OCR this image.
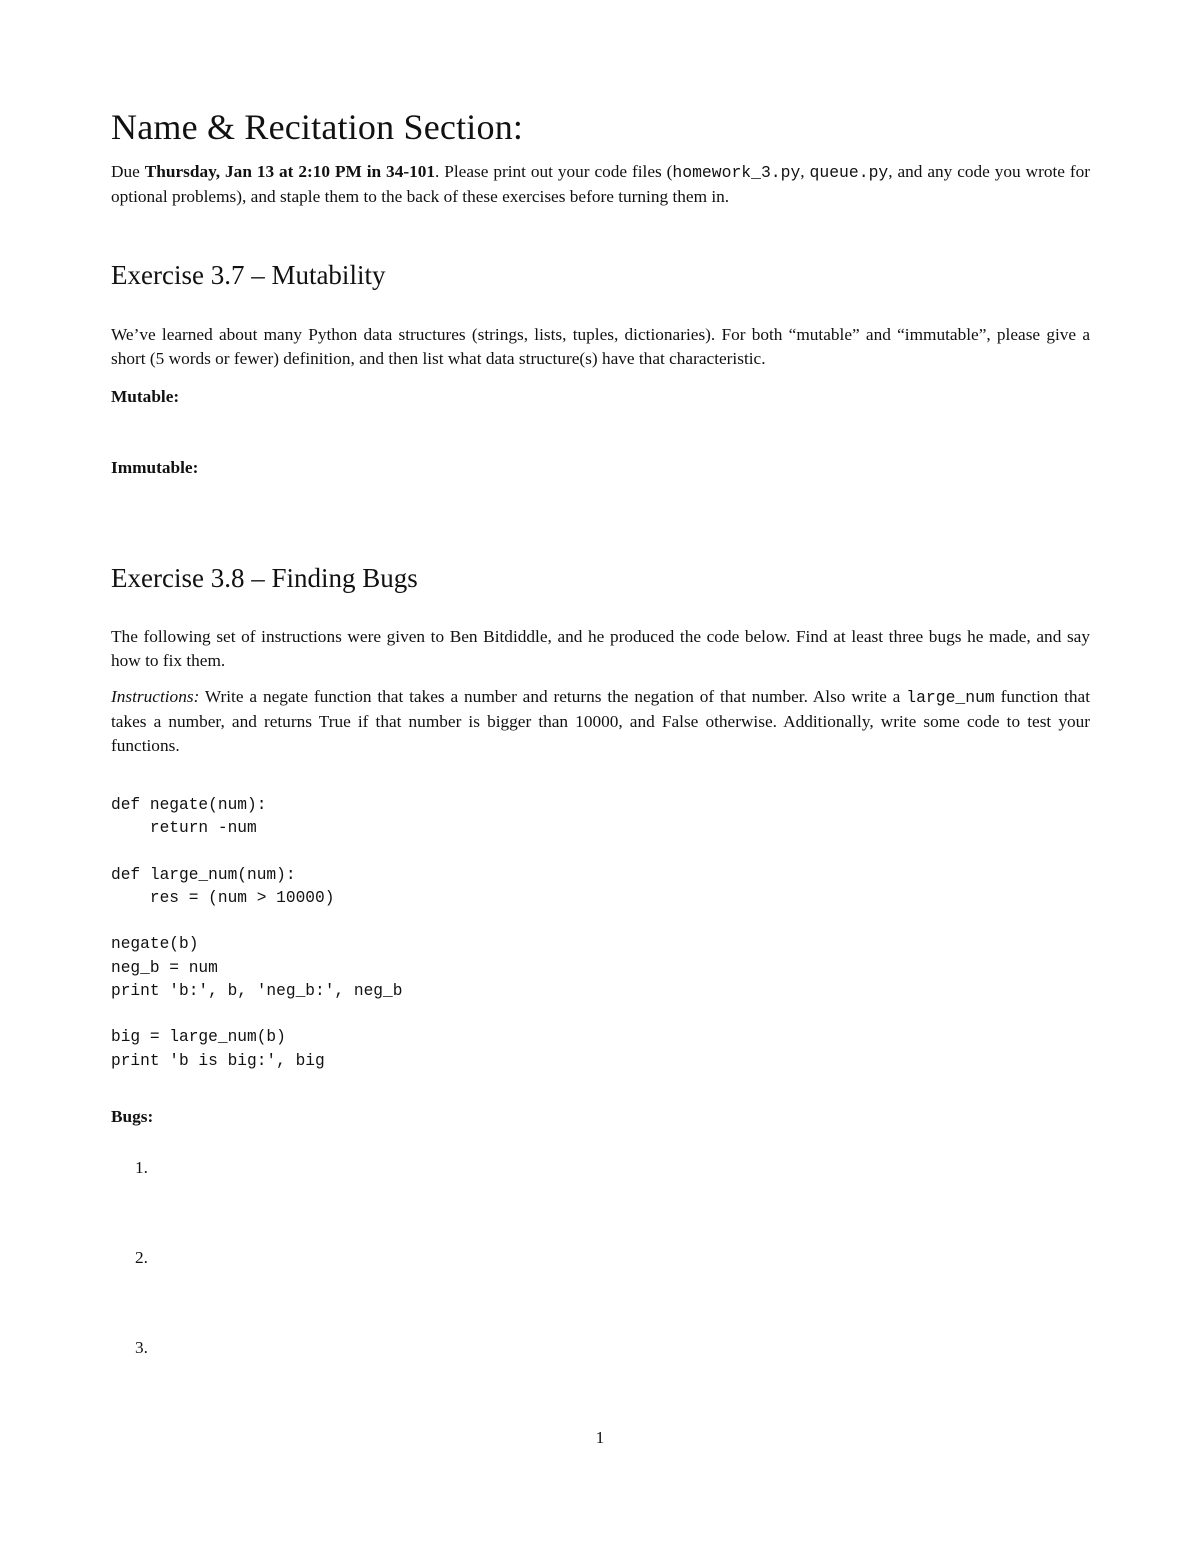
Name & Recitation Section:

Due Thursday, Jan 13 at 2:10 PM in 34-101. Please print out your code files (homework_3.py, queue.py, and any code you wrote for optional problems), and staple them to the back of these exercises before turning them in.

Exercise 3.7 – Mutability

We’ve learned about many Python data structures (strings, lists, tuples, dictionaries). For both “mutable” and “immutable”, please give a short (5 words or fewer) definition, and then list what data structure(s) have that characteristic.

Mutable:

Immutable:

Exercise 3.8 – Finding Bugs

The following set of instructions were given to Ben Bitdiddle, and he produced the code below. Find at least three bugs he made, and say how to fix them.

Instructions: Write a negate function that takes a number and returns the negation of that number. Also write a large_num function that takes a number, and returns True if that number is bigger than 10000, and False otherwise. Additionally, write some code to test your functions.

def negate(num):
return -num

def large_num(num):
res = (num > 10000)
negate(b)
neg_b = num
print 'b:', b, 'neg_b:', neg_b
big = large_num(b)
print 'b is big:', big

Bugs:

1.
2.
3.
1
